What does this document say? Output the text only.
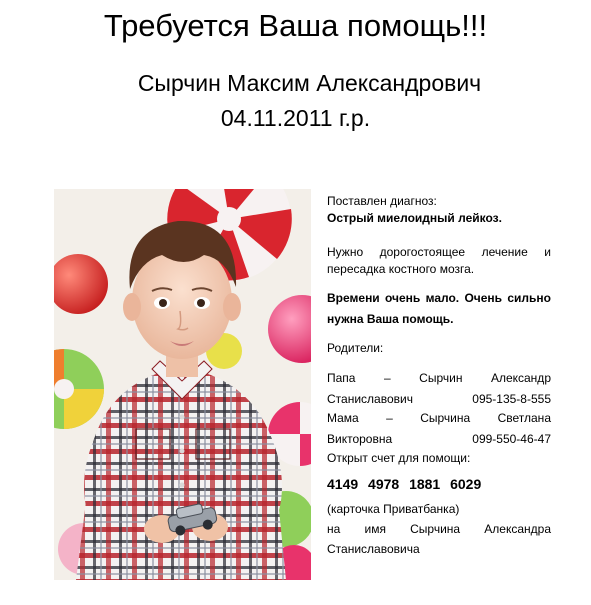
Требуется Ваша помощь!!!
Сырчин Максим Александрович
04.11.2011 г.р.

Поставлен диагноз:

Острый миелоидный лейкоз.

Нужно дорогостоящее лечение и

пересадка костного мозга.

Времени очень мало. Очень сильно

нужна Ваша помощь.

Родители:

Папа – Сырчин Александр

Станиславович	095-135-8-555

Мама – Сырчина Светлана

Викторовна	099-550-46-47

Открыт счет для помощи:

4149 4978 1881 6029

(карточка Приватбанка)

на имя Сырчина Александра

Станиславовича
